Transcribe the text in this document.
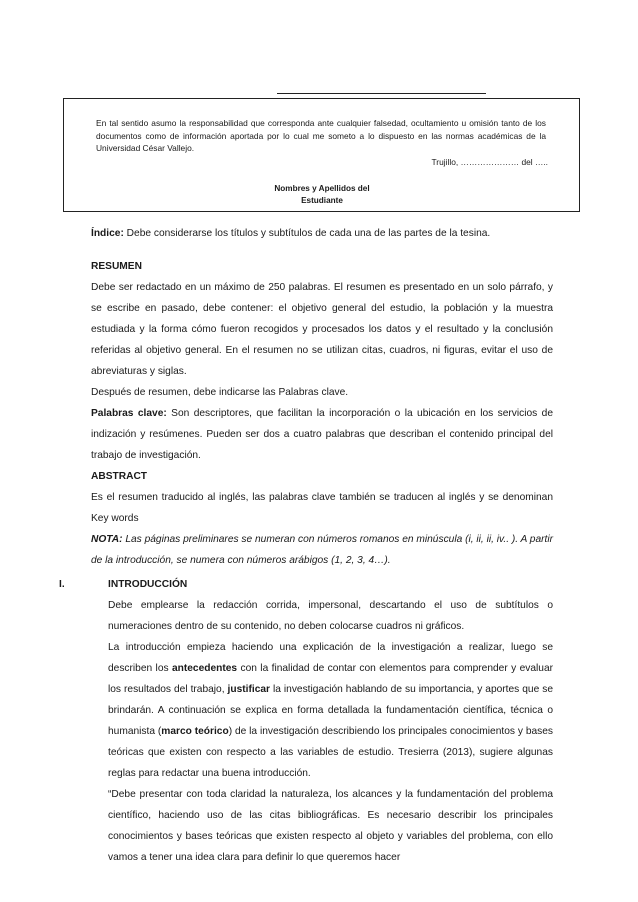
En tal sentido asumo la responsabilidad que corresponda ante cualquier falsedad, ocultamiento u omisión tanto de los documentos como de información aportada por lo cual me someto a lo dispuesto en las normas académicas de la Universidad César Vallejo.

Trujillo, ………………… del …..
Nombres y Apellidos del Estudiante

Índice: Debe considerarse los títulos y subtítulos de cada una de las partes de la tesina.

RESUMEN

Debe ser redactado en un máximo de 250 palabras. El resumen es presentado en un solo párrafo, y se escribe en pasado, debe contener: el objetivo general del estudio, la población y la muestra estudiada y la forma cómo fueron recogidos y procesados los datos y el resultado y la conclusión referidas al objetivo general. En el resumen no se utilizan citas, cuadros, ni figuras, evitar el uso de abreviaturas y siglas.

Después de resumen, debe indicarse las Palabras clave.

Palabras clave: Son descriptores, que facilitan la incorporación o la ubicación en los servicios de indización y resúmenes. Pueden ser dos a cuatro palabras que describan el contenido principal del trabajo de investigación.

ABSTRACT

Es el resumen traducido al inglés, las palabras clave también se traducen al inglés y se denominan Key words

NOTA: Las páginas preliminares se numeran con números romanos en minúscula (i, ii, ii, iv.. ). A partir de la introducción, se numera con números arábigos (1, 2, 3, 4…).

I.	INTRODUCCIÓN

Debe emplearse la redacción corrida, impersonal, descartando el uso de subtítulos o numeraciones dentro de su contenido, no deben colocarse cuadros ni gráficos.

La introducción empieza haciendo una explicación de la investigación a realizar, luego se describen los antecedentes con la finalidad de contar con elementos para comprender y evaluar los resultados del trabajo, justificar la investigación hablando de su importancia, y aportes que se brindarán. A continuación se explica en forma detallada la fundamentación científica, técnica o humanista (marco teórico) de la investigación describiendo los principales conocimientos y bases teóricas que existen con respecto a las variables de estudio. Tresierra (2013), sugiere algunas reglas para redactar una buena introducción.

“Debe presentar con toda claridad la naturaleza, los alcances y la fundamentación del problema científico, haciendo uso de las citas bibliográficas. Es necesario describir los principales conocimientos y bases teóricas que existen respecto al objeto y variables del problema, con ello vamos a tener una idea clara para definir lo que queremos hacer
